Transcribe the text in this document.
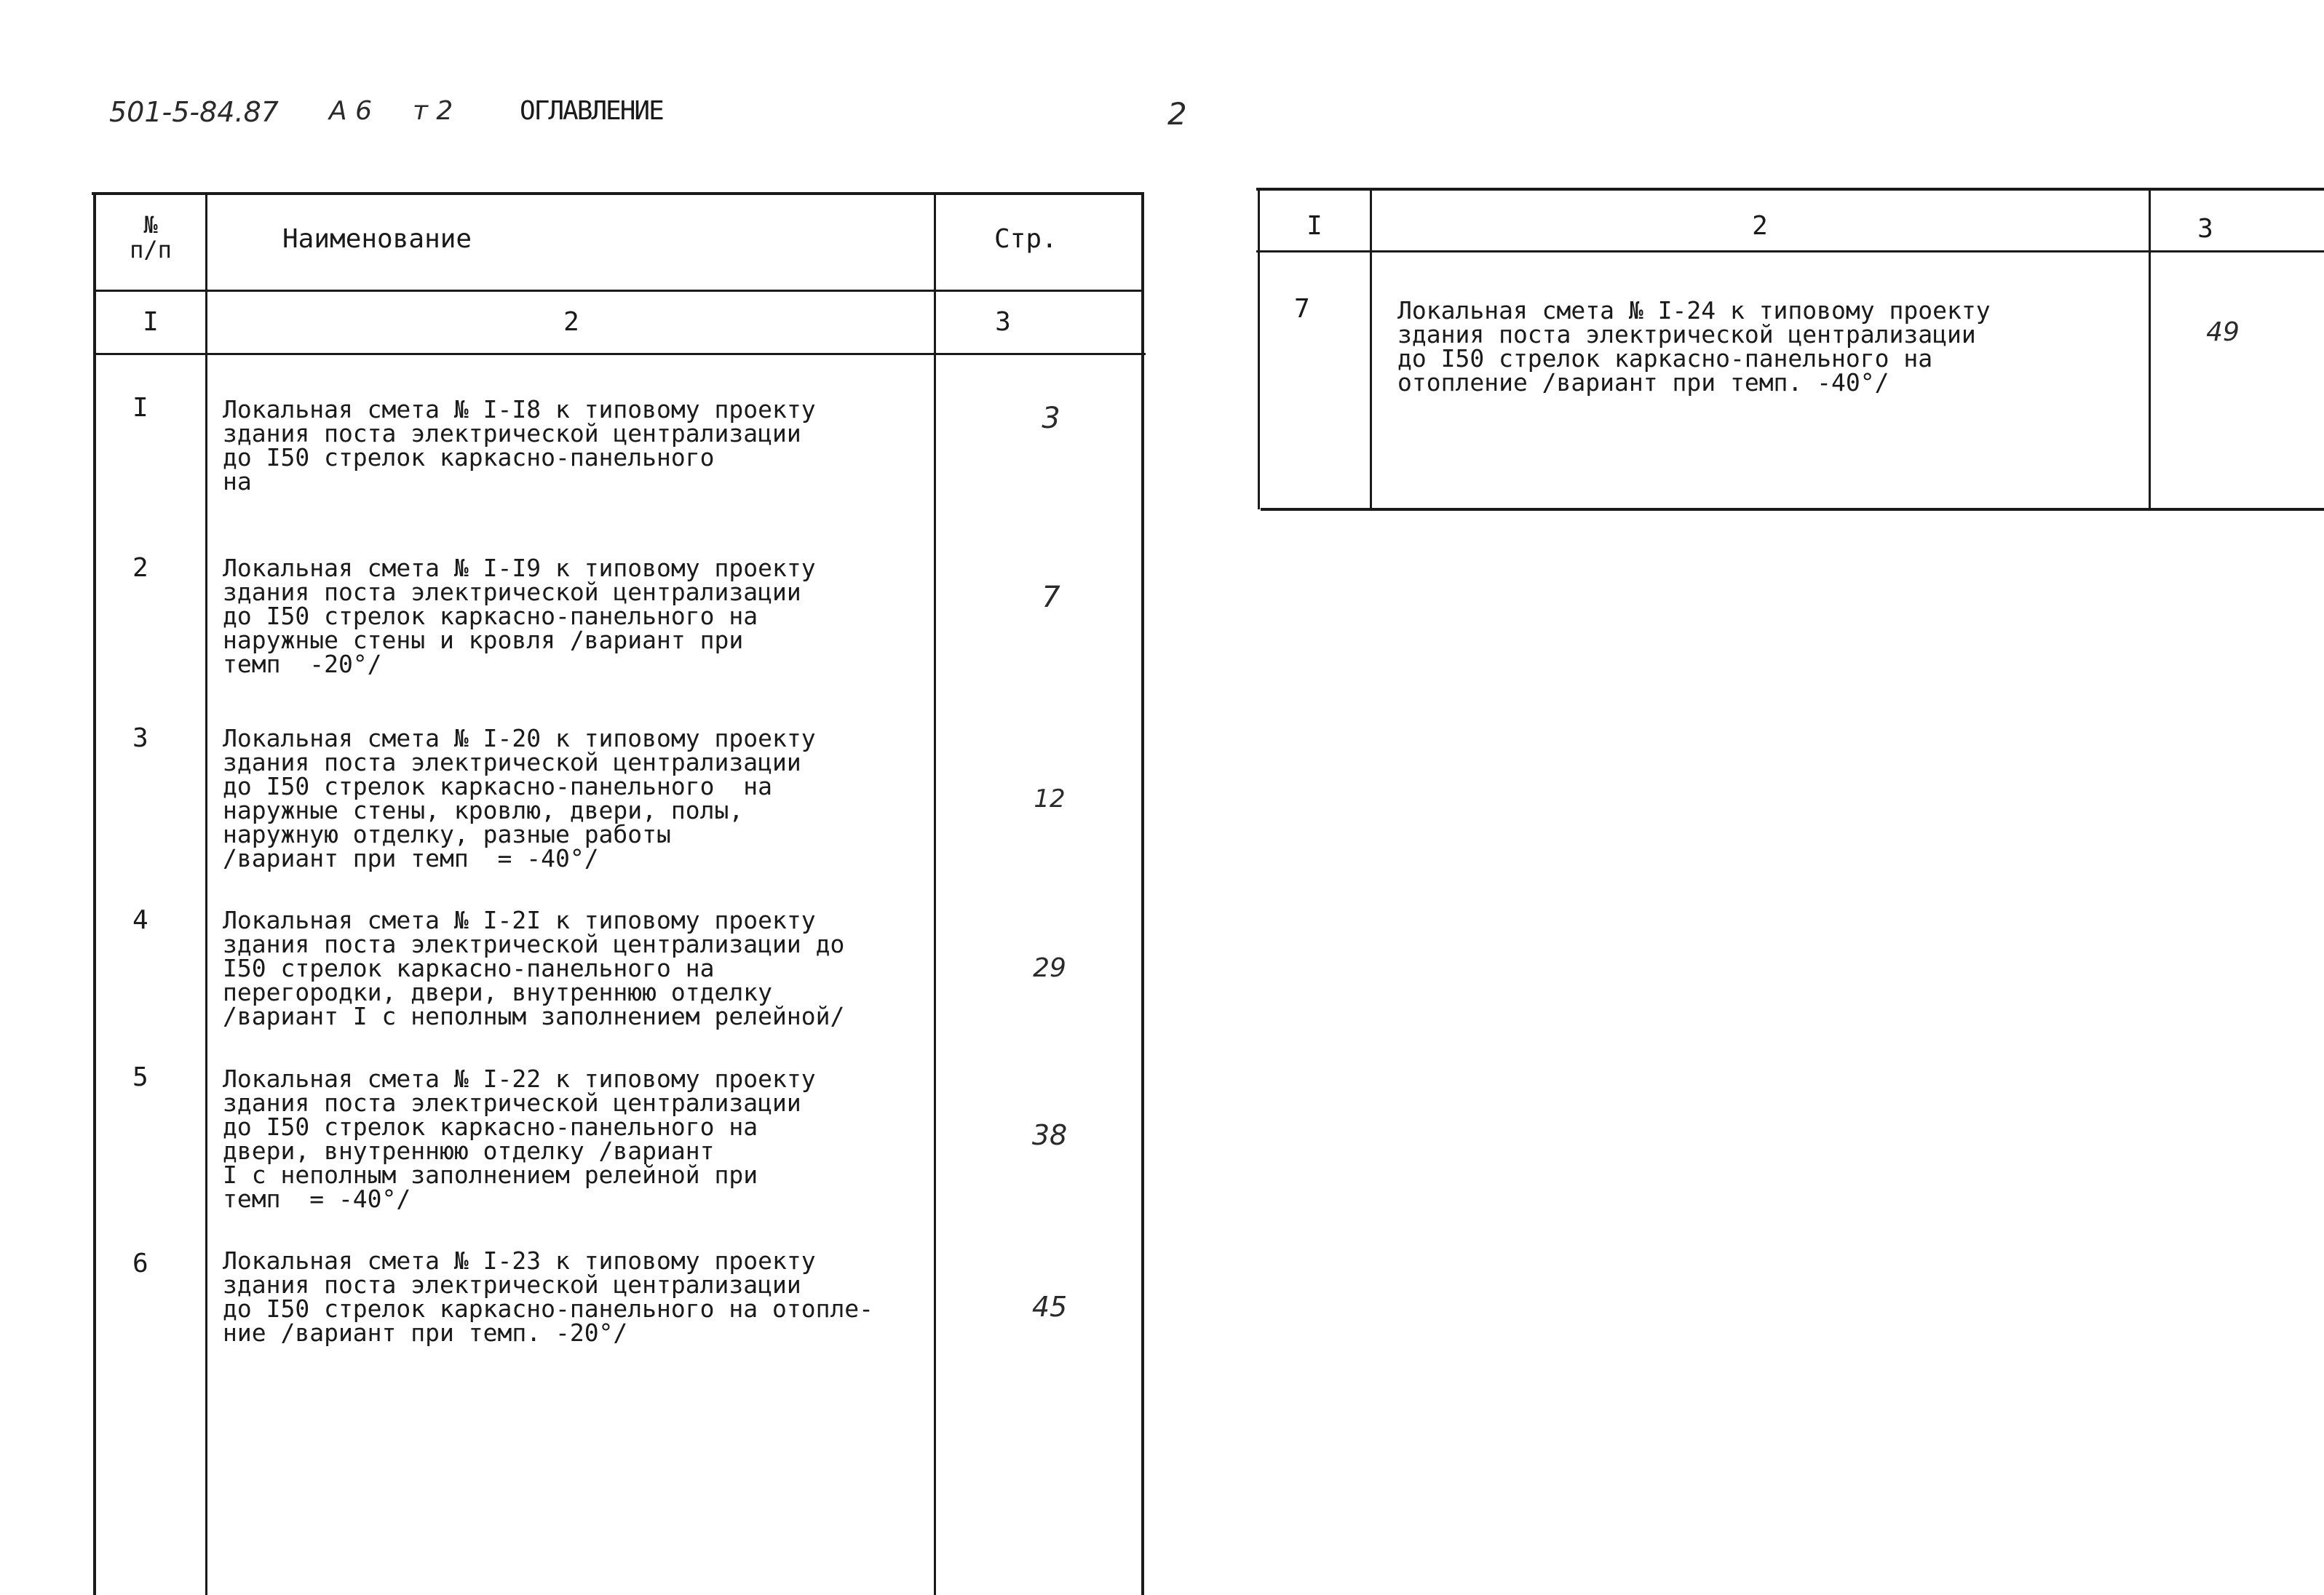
501-5-84.87 А 6 т 2	ОГЛАВЛЕНИЕ	2
№
п/п	Наименование	Стр.
I	2	3
I	Локальная смета № I-I8 к типовому проекту
здания поста электрической централизации
до I50 стрелок каркасно-панельного
на
3
2	Локальная смета № I-I9 к типовому проекту
здания поста электрической централизации
до I50 стрелок каркасно-панельного на
наружные стены и кровля /вариант при
темп  -20°/
7
3	Локальная смета № I-20 к типовому проекту
здания поста электрической централизации
до I50 стрелок каркасно-панельного  на
наружные стены, кровлю, двери, полы,
наружную отделку, разные работы
/вариант при темп  = -40°/
12
4	Локальная смета № I-2I к типовому проекту
здания поста электрической централизации до
I50 стрелок каркасно-панельного на
перегородки, двери, внутреннюю отделку
/вариант I с неполным заполнением релейной/
29
5	Локальная смета № I-22 к типовому проекту
здания поста электрической централизации
до I50 стрелок каркасно-панельного на
двери, внутреннюю отделку /вариант
I с неполным заполнением релейной при
темп  = -40°/
38
6	Локальная смета № I-23 к типовому проекту
здания поста электрической централизации
до I50 стрелок каркасно-панельного на отопле-
ние /вариант при темп. -20°/
45
I	2	3
7	Локальная смета № I-24 к типовому проекту
здания поста электрической централизации
до I50 стрелок каркасно-панельного на
отопление /вариант при темп. -40°/
49
